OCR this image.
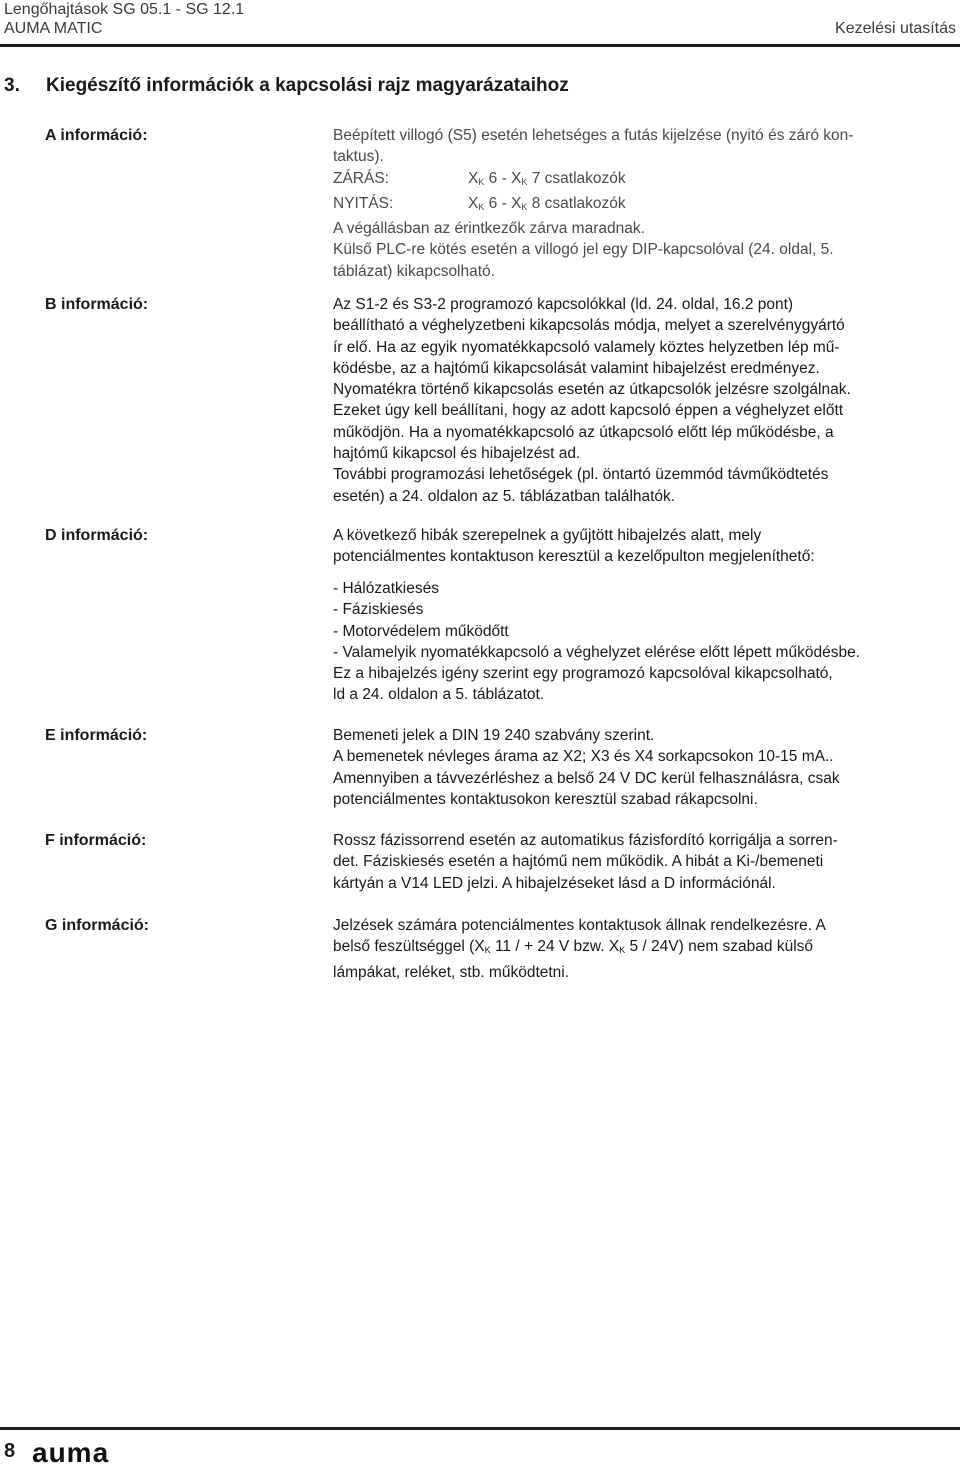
Lengőhajtások SG 05.1 - SG 12.1
AUMA MATIC	Kezelési utasítás
3. Kiegészítő információk a kapcsolási rajz magyarázataihoz
A információ:	Beépített villogó (S5) esetén lehetséges a futás kijelzése (nyitó és záró kon-
taktus).
ZÁRÁS:	$X_K$ $6 - X_K$ 7 csatlakozók
NYITÁS:	$X_K$ $6 - X_K$ 8 csatlakozók
A végállásban az érintkezők zárva maradnak.
Külső PLC-re kötés esetén a villogó jel egy DIP-kapcsolóval (24. oldal, 5.
táblázat) kikapcsolható.
B információ:	Az S1-2 és S3-2 programozó kapcsolókkal (ld. 24. oldal, 16.2 pont)
beállítható a véghelyzetbeni kikapcsolás módja, melyet a szerelvénygyártó
ír elő. Ha az egyik nyomatékkapcsoló valamely köztes helyzetben lép mű-
ködésbe, az a hajtómű kikapcsolását valamint hibajelzést eredményez.
Nyomatékra történő kikapcsolás esetén az útkapcsolók jelzésre szolgálnak.
Ezeket úgy kell beállítani, hogy az adott kapcsoló éppen a véghelyzet előtt
működjön. Ha a nyomatékkapcsoló az útkapcsoló előtt lép működésbe, a
hajtómű kikapcsol és hibajelzést ad.
További programozási lehetőségek (pl. öntartó üzemmód távműködtetés
esetén) a 24. oldalon az 5. táblázatban találhatók.
D információ:	A következő hibák szerepelnek a gyűjtött hibajelzés alatt, mely
potenciálmentes kontaktuson keresztül a kezelőpulton megjeleníthető:
- Hálózatkiesés
- Fáziskiesés
- Motorvédelem működőtt
- Valamelyik nyomatékkapcsoló a véghelyzet elérése előtt lépett működésbe.
Ez a hibajelzés igény szerint egy programozó kapcsolóval kikapcsolható,
ld a 24. oldalon a 5. táblázatot.
E információ:	Bemeneti jelek a DIN 19 240 szabvány szerint.
A bemenetek névleges árama az X2; X3 és X4 sorkapcsokon 10-15 mA..
Amennyiben a távvezérléshez a belső 24 V DC kerül felhasználásra, csak
potenciálmentes kontaktusokon keresztül szabad rákapcsolni.
F információ:	Rossz fázissorrend esetén az automatikus fázisfordító korrigálja a sorren-
det. Fáziskiesés esetén a hajtómű nem működik. A hibát a Ki-/bemeneti
kártyán a V14 LED jelzi. A hibajelzéseket lásd a D információnál.
G információ:	Jelzések számára potenciálmentes kontaktusok állnak rendelkezésre. A
belső feszültséggel ($X_K$ 11 / + 24 V bzw. $X_K$ 5 / 24V) nem szabad külső
lámpákat, reléket, stb. működtetni.
8 auma
